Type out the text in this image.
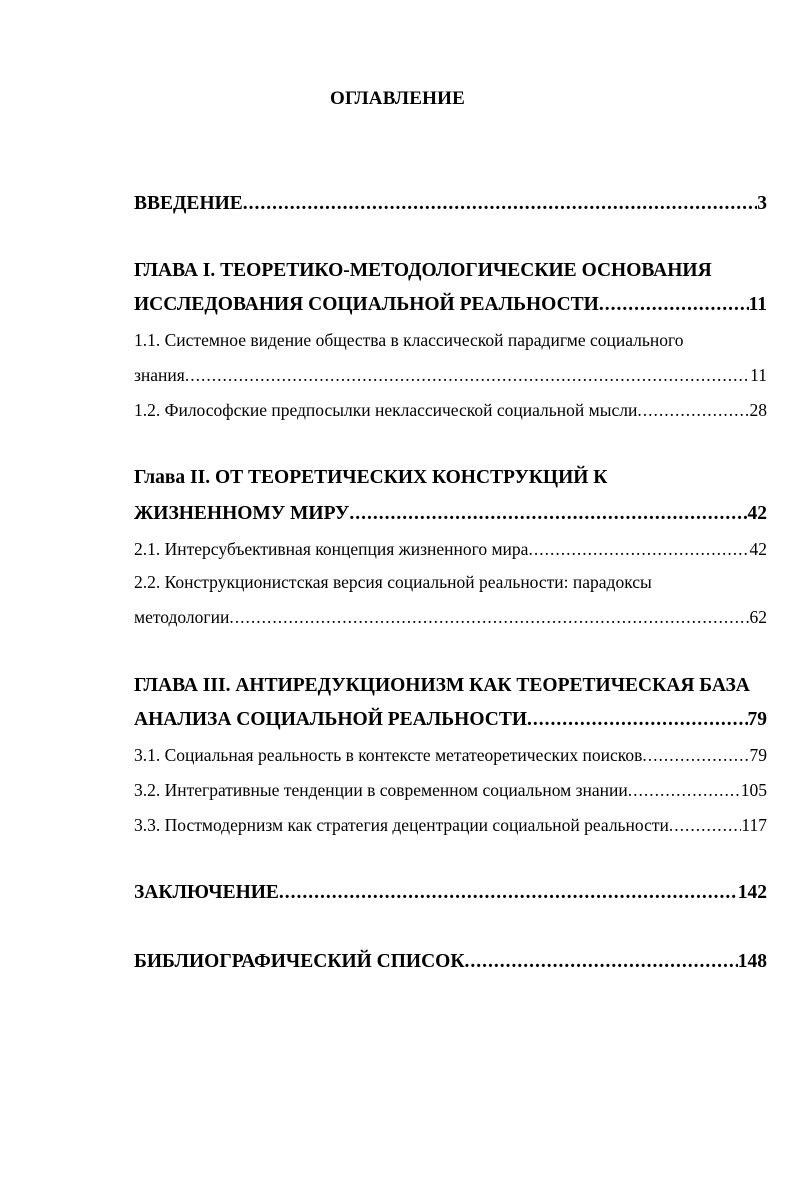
ОГЛАВЛЕНИЕ
ВВЕДЕНИЕ .....	3
ГЛАВА I. ТЕОРЕТИКО-МЕТОДОЛОГИЧЕСКИЕ ОСНОВАНИЯ
ИССЛЕДОВАНИЯ СОЦИАЛЬНОЙ РЕАЛЬНОСТИ .....	11
1.1. Системное видение общества в классической парадигме социального
знания .....	11
1.2. Философские предпосылки неклассической социальной мысли .....	28
Глава II. ОТ ТЕОРЕТИЧЕСКИХ КОНСТРУКЦИЙ К
ЖИЗНЕННОМУ МИРУ .....	42
2.1. Интерсубъективная концепция жизненного мира .....	42
2.2. Конструкционистская версия социальной реальности: парадоксы
методологии .....	62
ГЛАВА III. АНТИРЕДУКЦИОНИЗМ КАК ТЕОРЕТИЧЕСКАЯ БАЗА
АНАЛИЗА СОЦИАЛЬНОЙ РЕАЛЬНОСТИ .....	79
3.1. Социальная реальность в контексте метатеоретических поисков .....	79
3.2. Интегративные тенденции в современном социальном знании .....	105
3.3. Постмодернизм как стратегия децентрации социальной реальности .....	117
ЗАКЛЮЧЕНИЕ .....	142
БИБЛИОГРАФИЧЕСКИЙ СПИСОК .....	148
